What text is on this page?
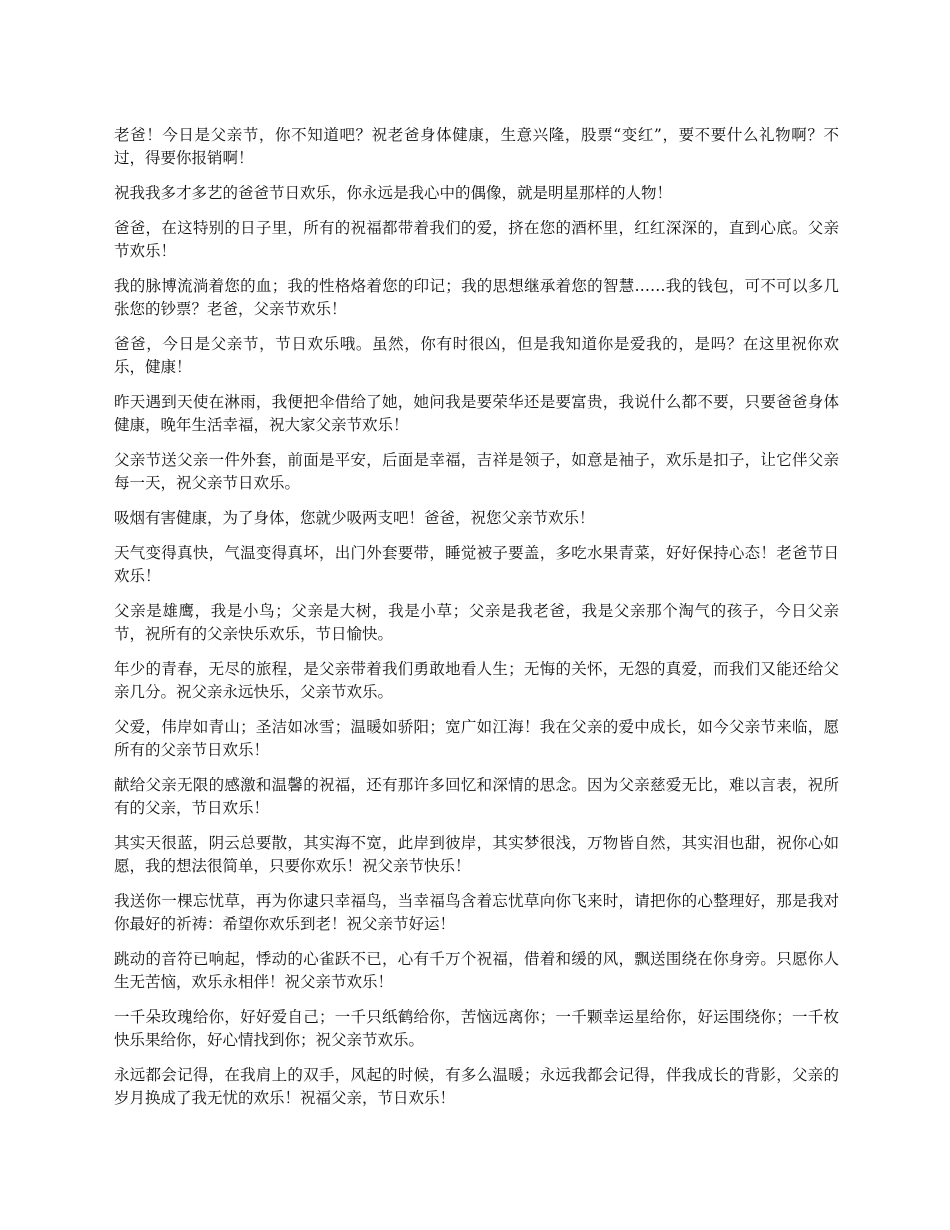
老爸！今日是父亲节，你不知道吧？祝老爸身体健康，生意兴隆，股票“变红”，要不要什么礼物啊？不过，得要你报销啊！

祝我我多才多艺的爸爸节日欢乐，你永远是我心中的偶像，就是明星那样的人物！

爸爸，在这特别的日子里，所有的祝福都带着我们的爱，挤在您的酒杯里，红红深深的，直到心底。父亲节欢乐！

我的脉博流淌着您的血；我的性格烙着您的印记；我的思想继承着您的智慧……我的钱包，可不可以多几张您的钞票？老爸，父亲节欢乐！

爸爸，今日是父亲节，节日欢乐哦。虽然，你有时很凶，但是我知道你是爱我的，是吗？在这里祝你欢乐，健康！

昨天遇到天使在淋雨，我便把伞借给了她，她问我是要荣华还是要富贵，我说什么都不要，只要爸爸身体健康，晚年生活幸福，祝大家父亲节欢乐！

父亲节送父亲一件外套，前面是平安，后面是幸福，吉祥是领子，如意是袖子，欢乐是扣子，让它伴父亲每一天，祝父亲节日欢乐。

吸烟有害健康，为了身体，您就少吸两支吧！爸爸，祝您父亲节欢乐！

天气变得真快，气温变得真坏，出门外套要带，睡觉被子要盖，多吃水果青菜，好好保持心态！老爸节日欢乐！

父亲是雄鹰，我是小鸟；父亲是大树，我是小草；父亲是我老爸，我是父亲那个淘气的孩子，今日父亲节，祝所有的父亲快乐欢乐，节日愉快。

年少的青春，无尽的旅程，是父亲带着我们勇敢地看人生；无悔的关怀，无怨的真爱，而我们又能还给父亲几分。祝父亲永远快乐，父亲节欢乐。

父爱，伟岸如青山；圣洁如冰雪；温暖如骄阳；宽广如江海！我在父亲的爱中成长，如今父亲节来临，愿所有的父亲节日欢乐！

献给父亲无限的感激和温馨的祝福，还有那许多回忆和深情的思念。因为父亲慈爱无比，难以言表，祝所有的父亲，节日欢乐！

其实天很蓝，阴云总要散，其实海不宽，此岸到彼岸，其实梦很浅，万物皆自然，其实泪也甜，祝你心如愿，我的想法很简单，只要你欢乐！祝父亲节快乐！

我送你一棵忘忧草，再为你逮只幸福鸟，当幸福鸟含着忘忧草向你飞来时，请把你的心整理好，那是我对你最好的祈祷：希望你欢乐到老！祝父亲节好运！

跳动的音符已响起，悸动的心雀跃不已，心有千万个祝福，借着和缓的风，飘送围绕在你身旁。只愿你人生无苦恼，欢乐永相伴！祝父亲节欢乐！

一千朵玫瑰给你，好好爱自己；一千只纸鹤给你，苦恼远离你；一千颗幸运星给你，好运围绕你；一千枚快乐果给你，好心情找到你；祝父亲节欢乐。

永远都会记得，在我肩上的双手，风起的时候，有多么温暖；永远我都会记得，伴我成长的背影，父亲的岁月换成了我无忧的欢乐！祝福父亲，节日欢乐！
